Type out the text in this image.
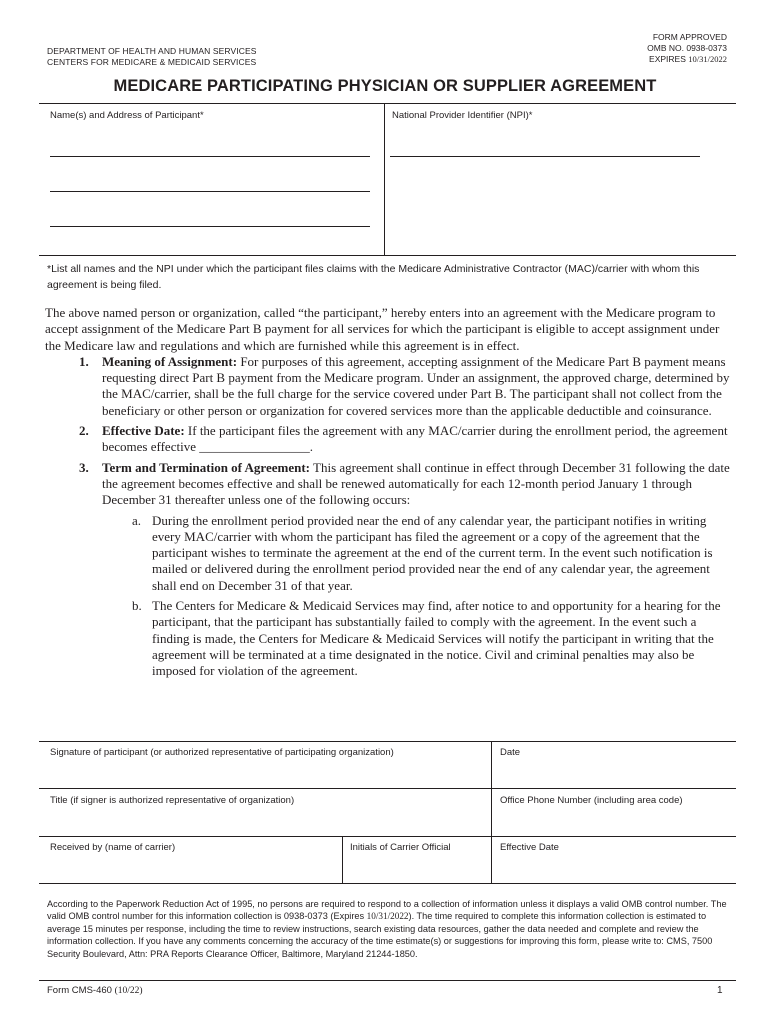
DEPARTMENT OF HEALTH AND HUMAN SERVICES
CENTERS FOR MEDICARE & MEDICAID SERVICES
FORM APPROVED
OMB NO. 0938-0373
EXPIRES 10/31/2022
MEDICARE PARTICIPATING PHYSICIAN OR SUPPLIER AGREEMENT
Name(s) and Address of Participant*	National Provider Identifier (NPI)*
*List all names and the NPI under which the participant files claims with the Medicare Administrative Contractor (MAC)/carrier with whom this agreement is being filed.

The above named person or organization, called “the participant,” hereby enters into an agreement with the Medicare program to accept assignment of the Medicare Part B payment for all services for which the participant is eligible to accept assignment under the Medicare law and regulations and which are furnished while this agreement is in effect.

1. Meaning of Assignment: For purposes of this agreement, accepting assignment of the Medicare Part B payment means requesting direct Part B payment from the Medicare program. Under an assignment, the approved charge, determined by the MAC/carrier, shall be the full charge for the service covered under Part B. The participant shall not collect from the beneficiary or other person or organization for covered services more than the applicable deductible and coinsurance.
2. Effective Date: If the participant files the agreement with any MAC/carrier during the enrollment period, the agreement becomes effective _________________.
3. Term and Termination of Agreement: This agreement shall continue in effect through December 31 following the date the agreement becomes effective and shall be renewed automatically for each 12-month period January 1 through December 31 thereafter unless one of the following occurs:
a. During the enrollment period provided near the end of any calendar year, the participant notifies in writing every MAC/carrier with whom the participant has filed the agreement or a copy of the agreement that the participant wishes to terminate the agreement at the end of the current term. In the event such notification is mailed or delivered during the enrollment period provided near the end of any calendar year, the agreement shall end on December 31 of that year.
b. The Centers for Medicare & Medicaid Services may find, after notice to and opportunity for a hearing for the participant, that the participant has substantially failed to comply with the agreement. In the event such a finding is made, the Centers for Medicare & Medicaid Services will notify the participant in writing that the agreement will be terminated at a time designated in the notice. Civil and criminal penalties may also be imposed for violation of the agreement.
Signature of participant (or authorized representative of participating organization)	Date
Title (if signer is authorized representative of organization)	Office Phone Number (including area code)
Received by (name of carrier)	Initials of Carrier Official	Effective Date
According to the Paperwork Reduction Act of 1995, no persons are required to respond to a collection of information unless it displays a valid OMB control number. The valid OMB control number for this information collection is 0938-0373 (Expires 10/31/2022). The time required to complete this information collection is estimated to average 15 minutes per response, including the time to review instructions, search existing data resources, gather the data needed and complete and review the information collection. If you have any comments concerning the accuracy of the time estimate(s) or suggestions for improving this form, please write to: CMS, 7500 Security Boulevard, Attn: PRA Reports Clearance Officer, Baltimore, Maryland 21244-1850.
Form CMS-460 (10/22)	1
